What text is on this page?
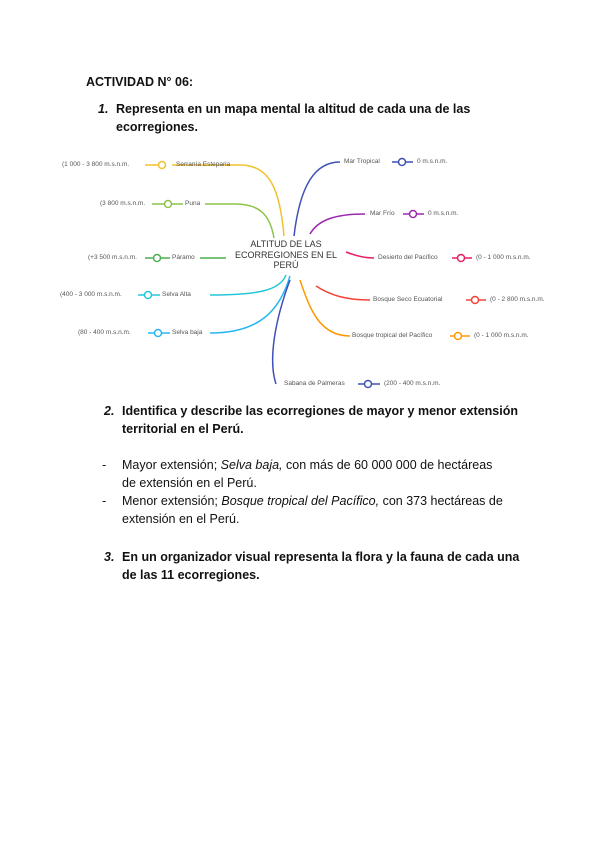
ACTIVIDAD N° 06:
1. Representa en un mapa mental la altitud de cada una de las
ecorregiones.
ALTITUD DE LAS
ECORREGIONES EN EL
PERÚ
(1 000 - 3 800 m.s.n.m.	Serranía Esteparia
(3 800 m.s.n.m.	Puna
(+3 500 m.s.n.m.	Páramo
(400 - 3 000 m.s.n.m.	Selva Alta
(80 - 400 m.s.n.m.	Selva baja
Mar Tropical	0 m.s.n.m.
Mar Frío	0 m.s.n.m.
Desierto del Pacífico	(0 - 1 000 m.s.n.m.
Bosque Seco Ecuatorial	(0 - 2 800 m.s.n.m.
Bosque tropical del Pacífico	(0 - 1 000 m.s.n.m.
Sabana de Palmeras	(200 - 400 m.s.n.m.
2. Identifica y describe las ecorregiones de mayor y menor extensión
territorial en el Perú.
- Mayor extensión; Selva baja, con más de 60 000 000 de hectáreas
de extensión en el Perú.
- Menor extensión; Bosque tropical del Pacífico, con 373 hectáreas de
extensión en el Perú.
3. En un organizador visual representa la flora y la fauna de cada una
de las 11 ecorregiones.
